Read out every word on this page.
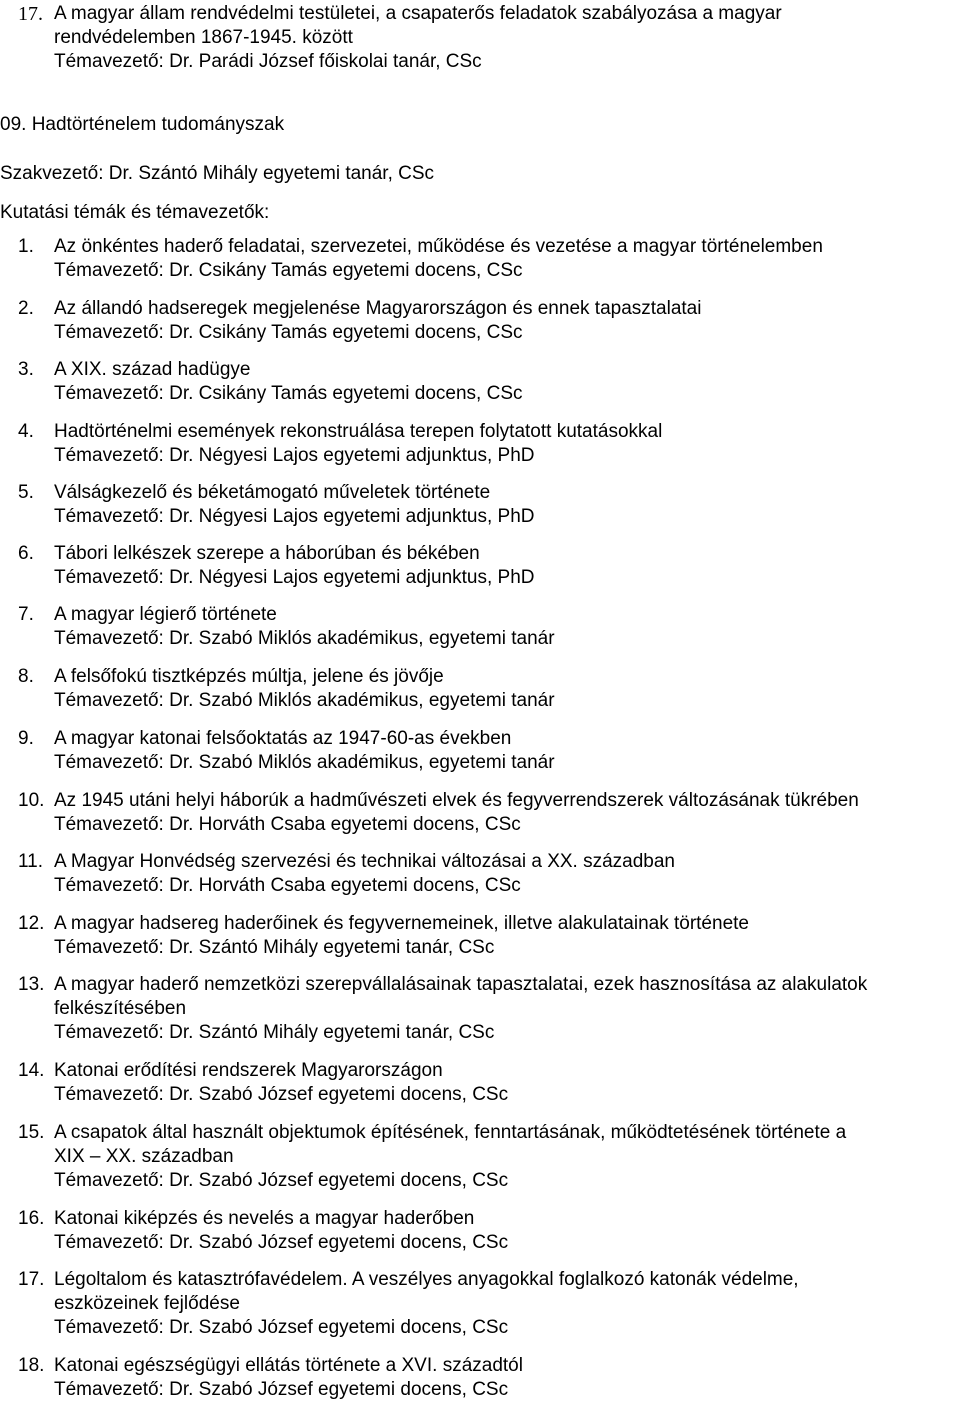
17. A magyar állam rendvédelmi testületei, a csapaterős feladatok szabályozása a magyar
rendvédelemben 1867-1945. között
Témavezető: Dr. Parádi József főiskolai tanár, CSc
09. Hadtörténelem tudományszak
Szakvezető: Dr. Szántó Mihály egyetemi tanár, CSc
Kutatási témák és témavezetők:
1. Az önkéntes haderő feladatai, szervezetei, működése és vezetése a magyar történelemben
Témavezető: Dr. Csikány Tamás egyetemi docens, CSc
2. Az állandó hadseregek megjelenése Magyarországon és ennek tapasztalatai
Témavezető: Dr. Csikány Tamás egyetemi docens, CSc
3. A XIX. század hadügye
Témavezető: Dr. Csikány Tamás egyetemi docens, CSc
4. Hadtörténelmi események rekonstruálása terepen folytatott kutatásokkal
Témavezető: Dr. Négyesi Lajos egyetemi adjunktus, PhD
5. Válságkezelő és béketámogató műveletek története
Témavezető: Dr. Négyesi Lajos egyetemi adjunktus, PhD
6. Tábori lelkészek szerepe a háborúban és békében
Témavezető: Dr. Négyesi Lajos egyetemi adjunktus, PhD
7. A magyar légierő története
Témavezető: Dr. Szabó Miklós akadémikus, egyetemi tanár
8. A felsőfokú tisztképzés múltja, jelene és jövője
Témavezető: Dr. Szabó Miklós akadémikus, egyetemi tanár
9. A magyar katonai felsőoktatás az 1947-60-as években
Témavezető: Dr. Szabó Miklós akadémikus, egyetemi tanár
10. Az 1945 utáni helyi háborúk a hadművészeti elvek és fegyverrendszerek változásának tükrében
Témavezető: Dr. Horváth Csaba egyetemi docens, CSc
11. A Magyar Honvédség szervezési és technikai változásai a XX. században
Témavezető: Dr. Horváth Csaba egyetemi docens, CSc
12. A magyar hadsereg haderőinek és fegyvernemeinek, illetve alakulatainak története
Témavezető: Dr. Szántó Mihály egyetemi tanár, CSc
13. A magyar haderő nemzetközi szerepvállalásainak tapasztalatai, ezek hasznosítása az alakulatok
felkészítésében
Témavezető: Dr. Szántó Mihály egyetemi tanár, CSc
14. Katonai erődítési rendszerek Magyarországon
Témavezető: Dr. Szabó József egyetemi docens, CSc
15. A csapatok által használt objektumok építésének, fenntartásának, működtetésének története a
XIX – XX. században
Témavezető: Dr. Szabó József egyetemi docens, CSc
16. Katonai kiképzés és nevelés a magyar haderőben
Témavezető: Dr. Szabó József egyetemi docens, CSc
17. Légoltalom és katasztrófavédelem. A veszélyes anyagokkal foglalkozó katonák védelme,
eszközeinek fejlődése
Témavezető: Dr. Szabó József egyetemi docens, CSc
18. Katonai egészségügyi ellátás története a XVI. századtól
Témavezető: Dr. Szabó József egyetemi docens, CSc
